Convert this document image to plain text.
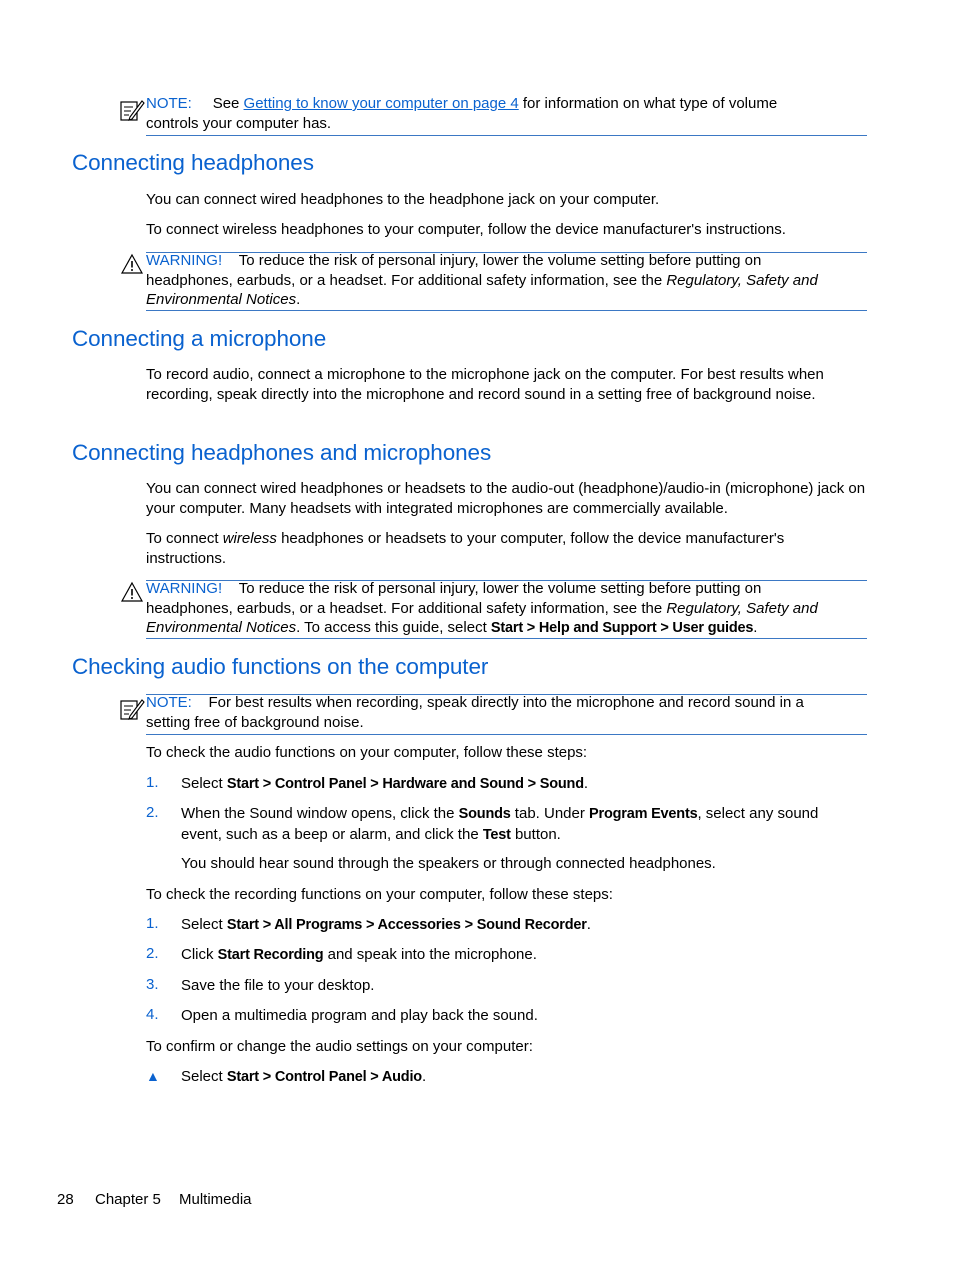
NOTE: See Getting to know your computer on page 4 for information on what type of volume
controls your computer has.
Connecting headphones
You can connect wired headphones to the headphone jack on your computer.
To connect wireless headphones to your computer, follow the device manufacturer's instructions.
WARNING! To reduce the risk of personal injury, lower the volume setting before putting on
headphones, earbuds, or a headset. For additional safety information, see the Regulatory, Safety and
Environmental Notices.
Connecting a microphone
To record audio, connect a microphone to the microphone jack on the computer. For best results when recording, speak directly into the microphone and record sound in a setting free of background noise.
Connecting headphones and microphones
You can connect wired headphones or headsets to the audio-out (headphone)/audio-in (microphone) jack on your computer. Many headsets with integrated microphones are commercially available.
To connect wireless headphones or headsets to your computer, follow the device manufacturer's instructions.
WARNING! To reduce the risk of personal injury, lower the volume setting before putting on
headphones, earbuds, or a headset. For additional safety information, see the Regulatory, Safety and
Environmental Notices. To access this guide, select Start > Help and Support > User guides.
Checking audio functions on the computer
NOTE: For best results when recording, speak directly into the microphone and record sound in a
setting free of background noise.
To check the audio functions on your computer, follow these steps:
1. Select Start > Control Panel > Hardware and Sound > Sound.
2. When the Sound window opens, click the Sounds tab. Under Program Events, select any sound
event, such as a beep or alarm, and click the Test button.
You should hear sound through the speakers or through connected headphones.
To check the recording functions on your computer, follow these steps:
1. Select Start > All Programs > Accessories > Sound Recorder.
2. Click Start Recording and speak into the microphone.
3. Save the file to your desktop.
4. Open a multimedia program and play back the sound.
To confirm or change the audio settings on your computer:
▲ Select Start > Control Panel > Audio.
28 Chapter 5 Multimedia
